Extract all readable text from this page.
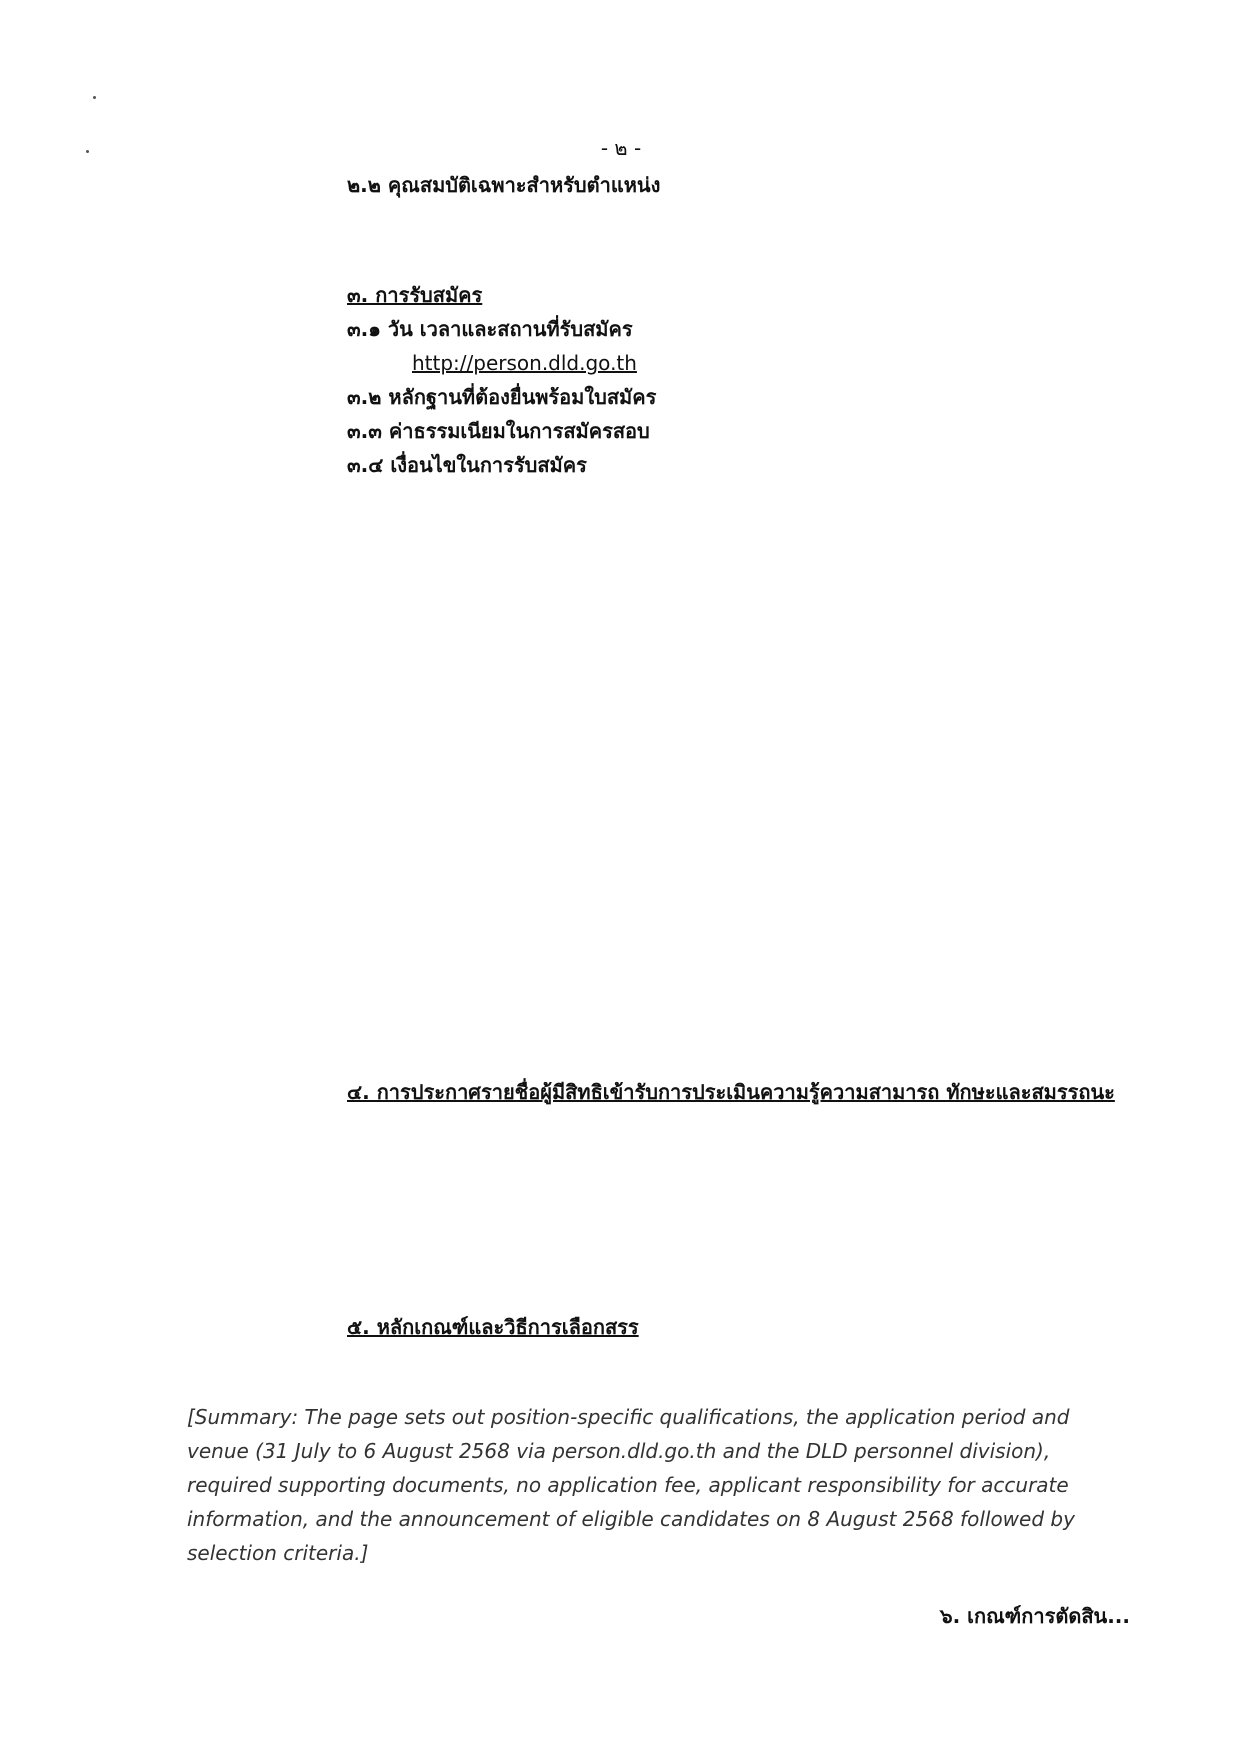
- ๒ -
๒.๒ คุณสมบัติเฉพาะสำหรับตำแหน่ง
๓. การรับสมัคร
๓.๑ วัน เวลาและสถานที่รับสมัคร
http://person.dld.go.th
๓.๒ หลักฐานที่ต้องยื่นพร้อมใบสมัคร
๓.๓ ค่าธรรมเนียมในการสมัครสอบ
๓.๔ เงื่อนไขในการรับสมัคร
๔. การประกาศรายชื่อผู้มีสิทธิเข้ารับการประเมินความรู้ความสามารถ ทักษะและสมรรถนะ
๕. หลักเกณฑ์และวิธีการเลือกสรร
[Summary: The page sets out position-specific qualifications, the application period and venue (31 July to 6 August 2568 via person.dld.go.th and the DLD personnel division), required supporting documents, no application fee, applicant responsibility for accurate information, and the announcement of eligible candidates on 8 August 2568 followed by selection criteria.]
๖. เกณฑ์การตัดสิน...
